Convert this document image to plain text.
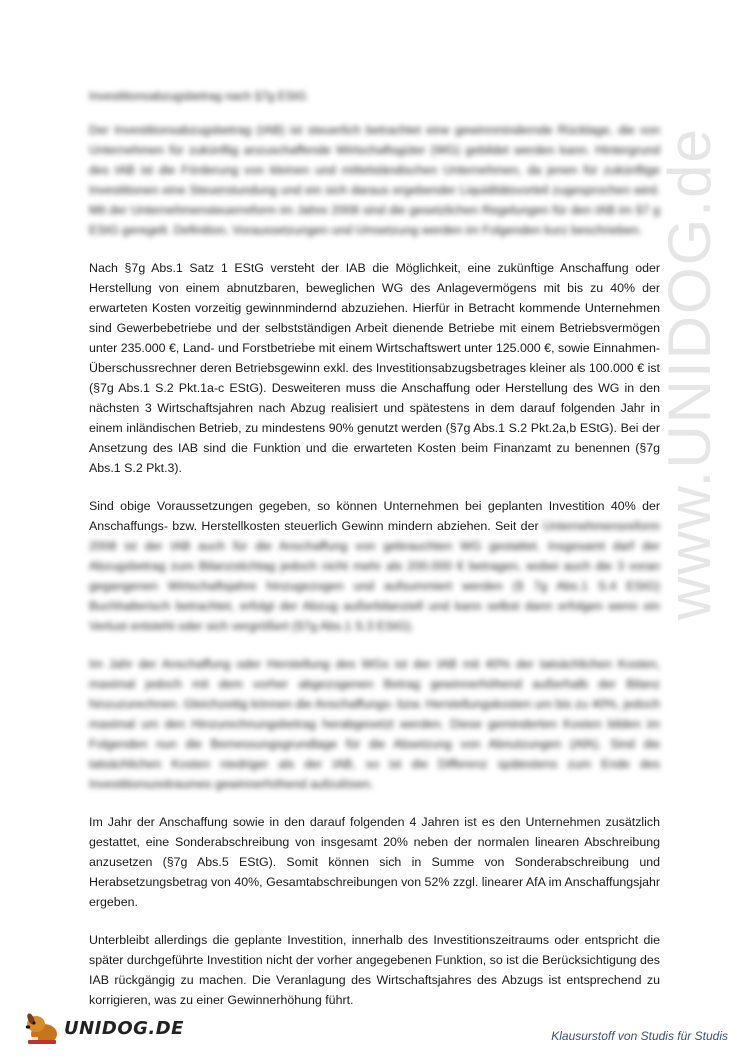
www.UNIDOG.de
Investitionsabzugsbetrag nach §7g EStG

Der Investitionsabzugsbetrag (IAB) ist steuerlich betrachtet eine gewinnmindernde Rücklage, die von Unternehmen für zukünftig anzuschaffende Wirtschaftsgüter (WG) gebildet werden kann. Hintergrund des IAB ist die Förderung von kleinen und mittelständischen Unternehmen, da jenen für zukünftige Investitionen eine Steuerstundung und ein sich daraus ergebender Liquiditätsvorteil zugesprochen wird. Mit der Unternehmensteuerreform im Jahre 2008 sind die gesetzlichen Regelungen für den IAB im §7 g EStG geregelt. Definition, Voraussetzungen und Umsetzung werden im Folgenden kurz beschrieben.

Nach §7g Abs.1 Satz 1 EStG versteht der IAB die Möglichkeit, eine zukünftige Anschaffung oder Herstellung von einem abnutzbaren, beweglichen WG des Anlagevermögens mit bis zu 40% der erwarteten Kosten vorzeitig gewinnmindernd abzuziehen. Hierfür in Betracht kommende Unternehmen sind Gewerbebetriebe und der selbstständigen Arbeit dienende Betriebe mit einem Betriebsvermögen unter 235.000 €, Land- und Forstbetriebe mit einem Wirtschaftswert unter 125.000 €, sowie Einnahmen-Überschussrechner deren Betriebsgewinn exkl. des Investitionsabzugsbetrages kleiner als 100.000 € ist (§7g Abs.1 S.2 Pkt.1a-c EStG). Desweiteren muss die Anschaffung oder Herstellung des WG in den nächsten 3 Wirtschaftsjahren nach Abzug realisiert und spätestens in dem darauf folgenden Jahr in einem inländischen Betrieb, zu mindestens 90% genutzt werden (§7g Abs.1 S.2 Pkt.2a,b EStG). Bei der Ansetzung des IAB sind die Funktion und die erwarteten Kosten beim Finanzamt zu benennen (§7g Abs.1 S.2 Pkt.3).

Sind obige Voraussetzungen gegeben, so können Unternehmen bei geplanten Investition 40% der Anschaffungs- bzw. Herstellkosten steuerlich Gewinn mindern abziehen. Seit der Unternehmensreform 2008 ist der IAB auch für die Anschaffung von gebrauchten WG gestattet. Insgesamt darf der Abzugsbetrag zum Bilanzstichtag jedoch nicht mehr als 200.000 € betragen, wobei auch die 3 voran gegangenen Wirtschaftsjahre hinzugezogen und aufsummiert werden (§ 7g Abs.1 S.4 EStG) Buchhalterisch betrachtet, erfolgt der Abzug außerbilanziell und kann selbst dann erfolgen wenn ein Verlust entsteht oder sich vergrößert (§7g Abs.1 S.3 EStG).

Im Jahr der Anschaffung oder Herstellung des WGs ist der IAB mit 40% der tatsächlichen Kosten, maximal jedoch mit dem vorher abgezogenen Betrag gewinnerhöhend außerhalb der Bilanz hinzuzurechnen. Gleichzeitig können die Anschaffungs- bzw. Herstellungskosten um bis zu 40%, jedoch maximal um den Hinzurechnungsbetrag herabgesetzt werden. Diese geminderten Kosten bilden im Folgenden nun die Bemessungsgrundlage für die Absetzung von Abnutzungen (AfA). Sind die tatsächlichen Kosten niedriger als der IAB, so ist die Differenz spätestens zum Ende des Investitionszeitraumes gewinnerhöhend aufzulösen.

Im Jahr der Anschaffung sowie in den darauf folgenden 4 Jahren ist es den Unternehmen zusätzlich gestattet, eine Sonderabschreibung von insgesamt 20% neben der normalen linearen Abschreibung anzusetzen (§7g Abs.5 EStG). Somit können sich in Summe von Sonderabschreibung und Herabsetzungsbetrag von 40%, Gesamtabschreibungen von 52% zzgl. linearer AfA im Anschaffungsjahr ergeben.

Unterbleibt allerdings die geplante Investition, innerhalb des Investitionszeitraums oder entspricht die später durchgeführte Investition nicht der vorher angegebenen Funktion, so ist die Berücksichtigung des IAB rückgängig zu machen. Die Veranlagung des Wirtschaftsjahres des Abzugs ist entsprechend zu korrigieren, was zu einer Gewinnerhöhung führt.

UNIDOG.DE	Klausurstoff von Studis für Studis
